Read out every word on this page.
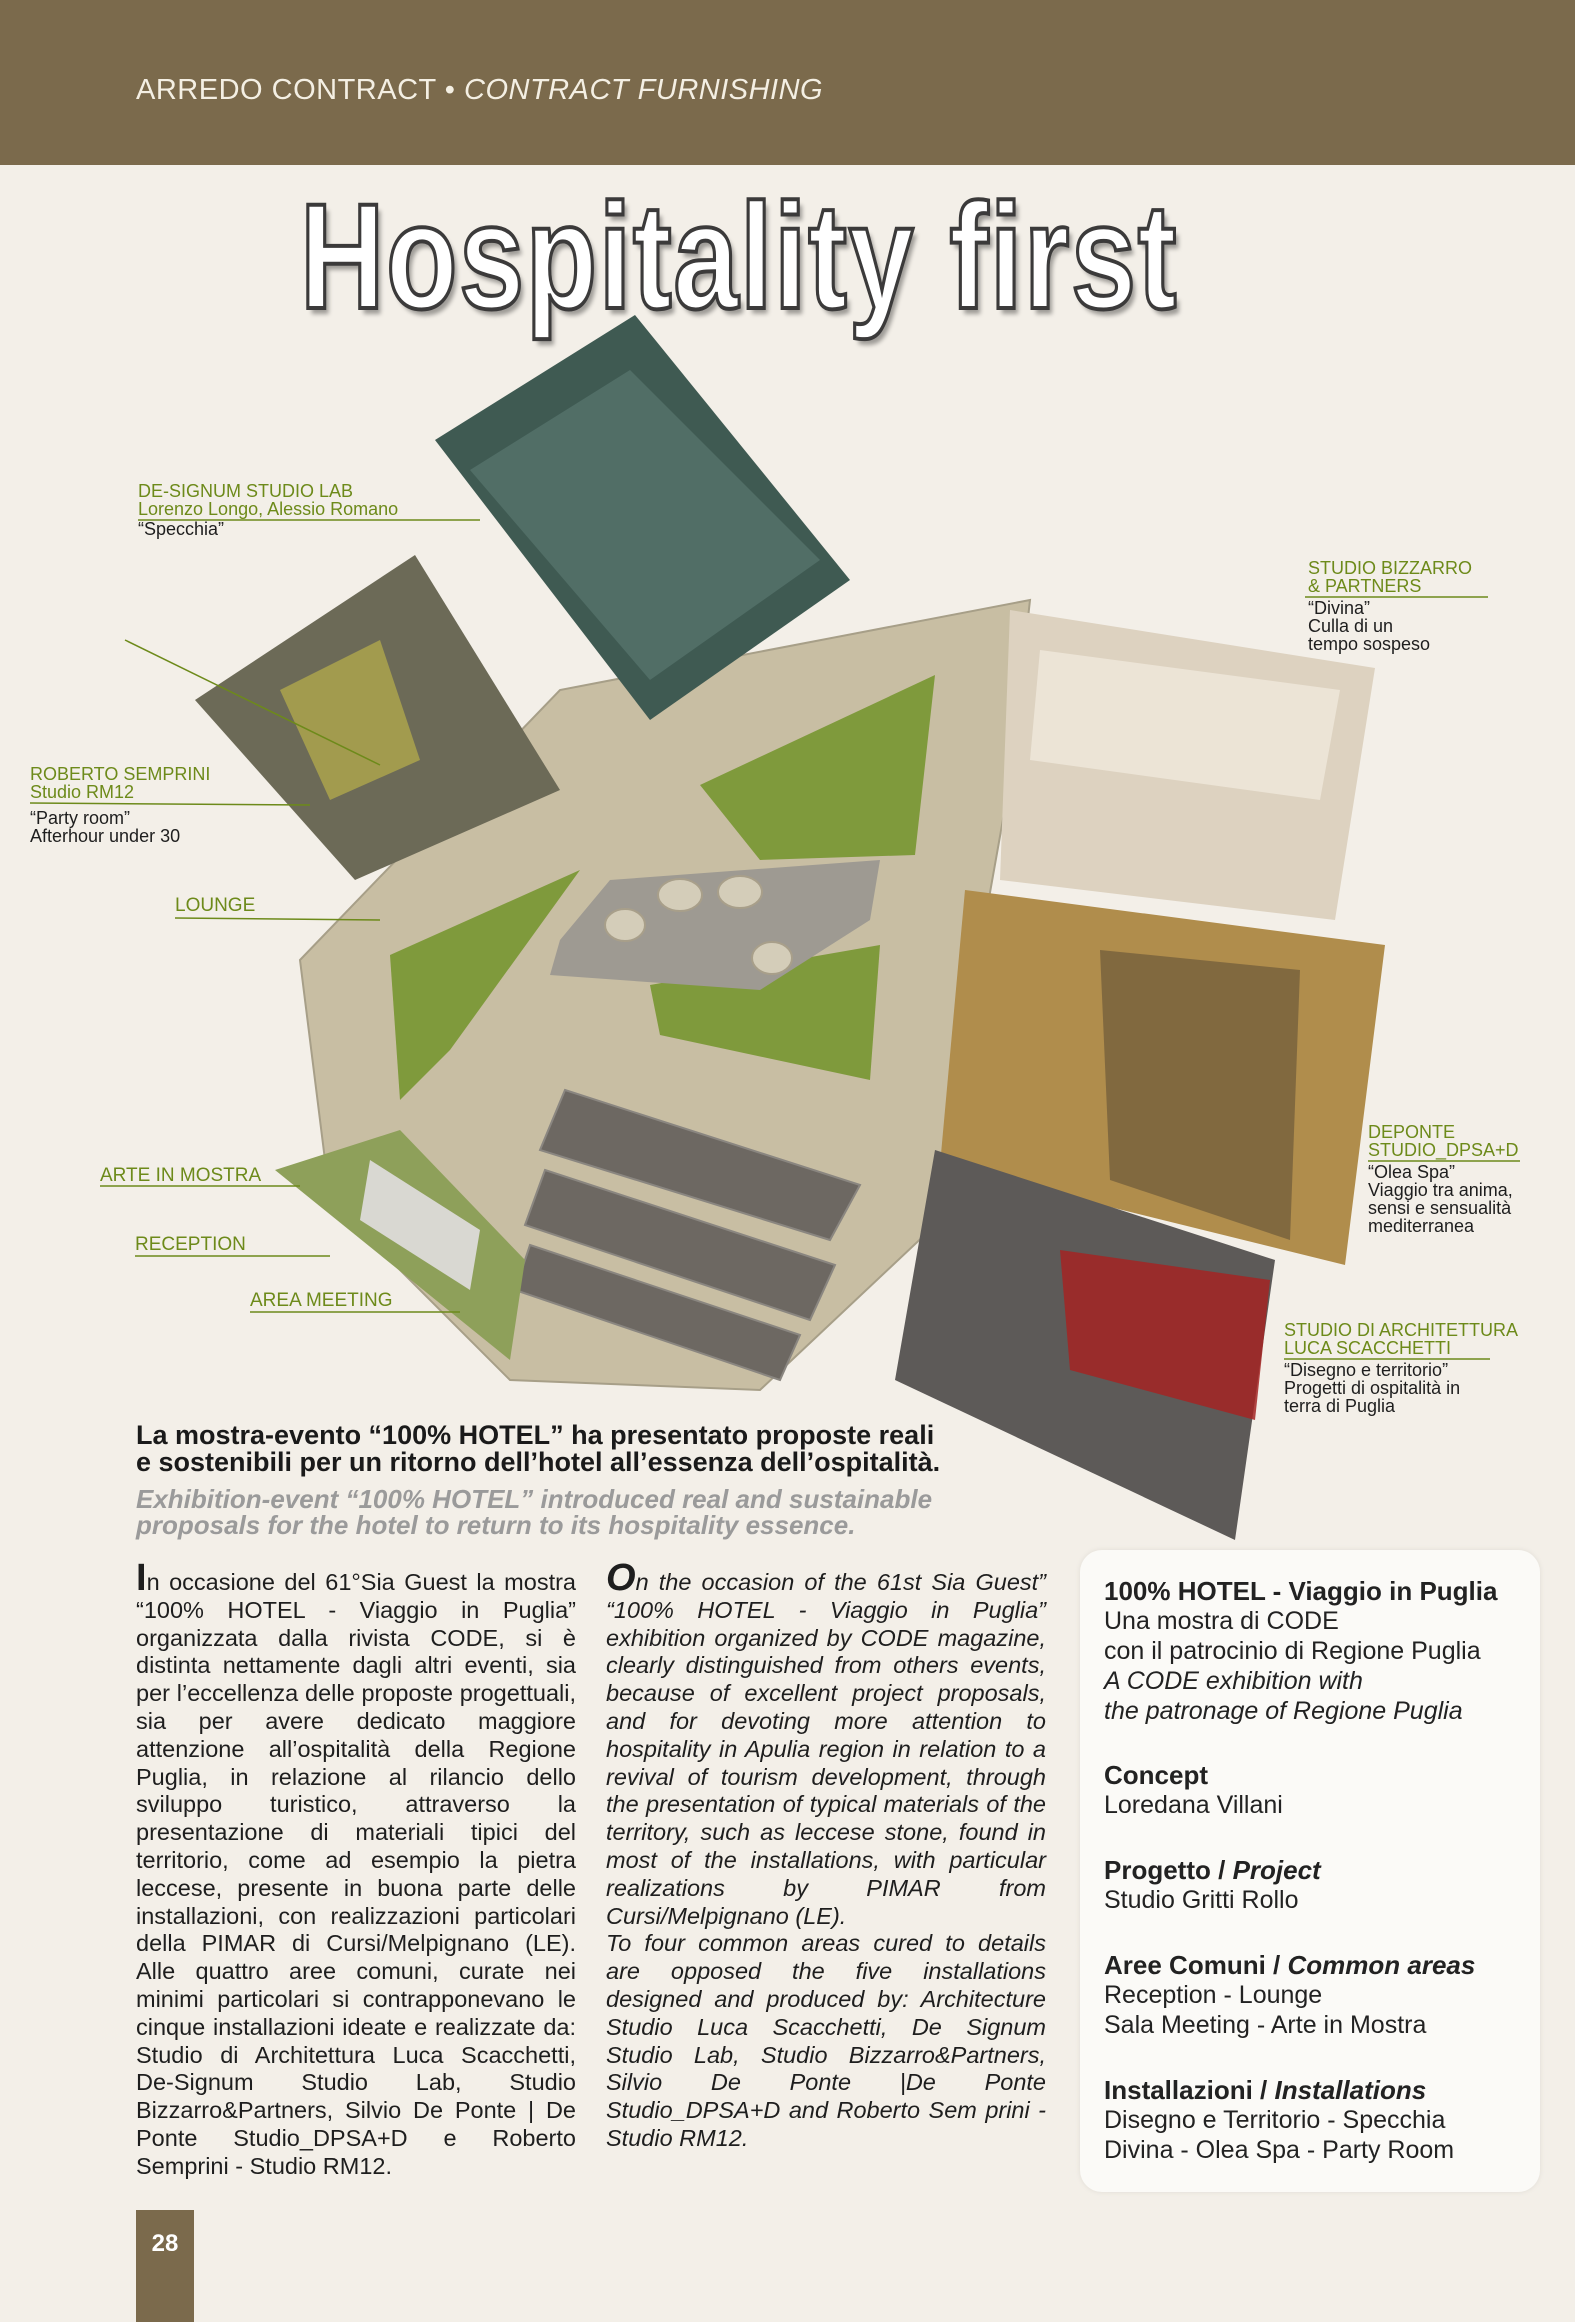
ARREDO CONTRACT • CONTRACT FURNISHING
Hospitality first
DE-SIGNUM STUDIO LAB
Lorenzo Longo, Alessio Romano
“Specchia”
ROBERTO SEMPRINI
Studio RM12
“Party room”
Afterhour under 30
STUDIO BIZZARRO
& PARTNERS
“Divina”
Culla di un
tempo sospeso
DEPONTE
STUDIO_DPSA+D
“Olea Spa”
Viaggio tra anima,
sensi e sensualità
mediterranea
STUDIO DI ARCHITETTURA
LUCA SCACCHETTI
“Disegno e territorio”
Progetti di ospitalità in
terra di Puglia
LOUNGE
ARTE IN MOSTRA
RECEPTION
AREA MEETING
La mostra-evento “100% HOTEL” ha presentato proposte reali
e sostenibili per un ritorno dell’hotel all’essenza dell’ospitalità.
Exhibition-event “100% HOTEL” introduced real and sustainable
proposals for the hotel to return to its hospitality essence.
In occasione del 61°Sia Guest la mostra “100% HOTEL - Viaggio in Puglia” organizzata dalla rivista CODE, si è distinta nettamente dagli altri eventi, sia per l’eccellenza delle proposte progettuali, sia per avere dedicato maggiore attenzione all’ospitalità della Regione Puglia, in relazione al rilancio dello sviluppo turistico, attraverso la presentazione di materiali tipici del territorio, come ad esempio la pietra leccese, presente in buona parte delle installazioni, con realizzazioni particolari della PIMAR di Cursi/Melpignano (LE). Alle quattro aree comuni, curate nei minimi particolari si contrapponevano le cinque installazioni ideate e realizzate da: Studio di Architettura Luca Scacchetti, De-Signum Studio Lab, Studio Bizzarro&Partners, Silvio De Ponte | De Ponte Studio_DPSA+D e Roberto Semprini - Studio RM12.
On the occasion of the 61st Sia Guest” “100% HOTEL - Viaggio in Puglia” exhibition organized by CODE magazine, clearly distinguished from others events, because of excellent project proposals, and for devoting more attention to hospitality in Apulia region in relation to a revival of tourism development, through the presentation of typical materials of the territory, such as leccese stone, found in most of the installations, with particular realizations by PIMAR from Cursi/Melpignano (LE).
To four common areas cured to details are opposed the five installations designed and produced by: Architecture Studio Luca Scacchetti, De Signum Studio Lab, Studio Bizzarro&Partners, Silvio De Ponte |De Ponte Studio_DPSA+D and Roberto Sem prini - Studio RM12.
100% HOTEL - Viaggio in Puglia
Una mostra di CODE
con il patrocinio di Regione Puglia
A CODE exhibition with
the patronage of Regione Puglia
Concept
Loredana Villani
Progetto / Project
Studio Gritti Rollo
Aree Comuni / Common areas
Reception - Lounge
Sala Meeting - Arte in Mostra
Installazioni / Installations
Disegno e Territorio - Specchia
Divina - Olea Spa - Party Room
28
